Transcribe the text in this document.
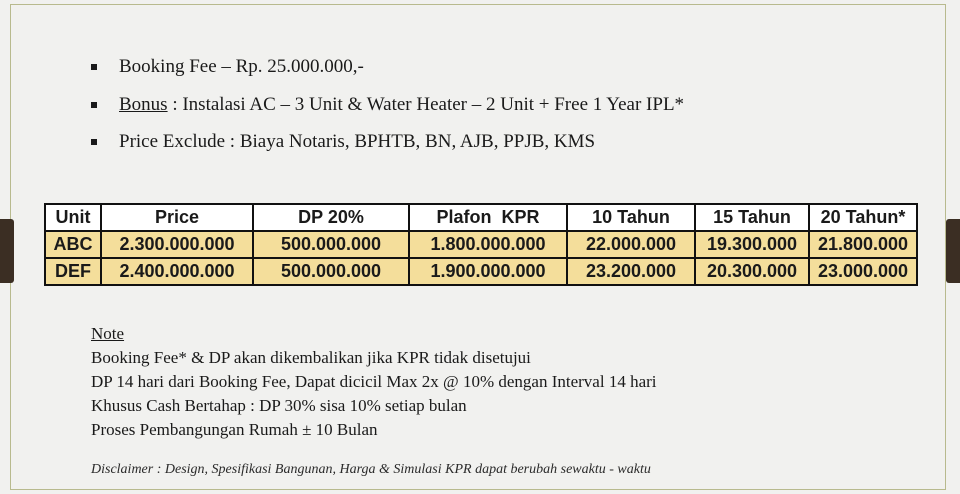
Booking Fee – Rp. 25.000.000,-
Bonus : Instalasi AC – 3 Unit & Water Heater – 2 Unit + Free 1 Year IPL*
Price Exclude : Biaya Notaris, BPHTB, BN, AJB, PPJB, KMS
Unit	Price	DP 20%	Plafon  KPR	10 Tahun	15 Tahun	20 Tahun*
ABC	2.300.000.000	500.000.000	1.800.000.000	22.000.000	19.300.000	21.800.000
DEF	2.400.000.000	500.000.000	1.900.000.000	23.200.000	20.300.000	23.000.000
Note
Booking Fee* & DP akan dikembalikan jika KPR tidak disetujui
DP 14 hari dari Booking Fee, Dapat dicicil Max 2x @ 10% dengan Interval 14 hari
Khusus Cash Bertahap : DP 30% sisa 10% setiap bulan
Proses Pembangungan Rumah ± 10 Bulan
Disclaimer : Design, Spesifikasi Bangunan, Harga & Simulasi KPR dapat berubah sewaktu - waktu
